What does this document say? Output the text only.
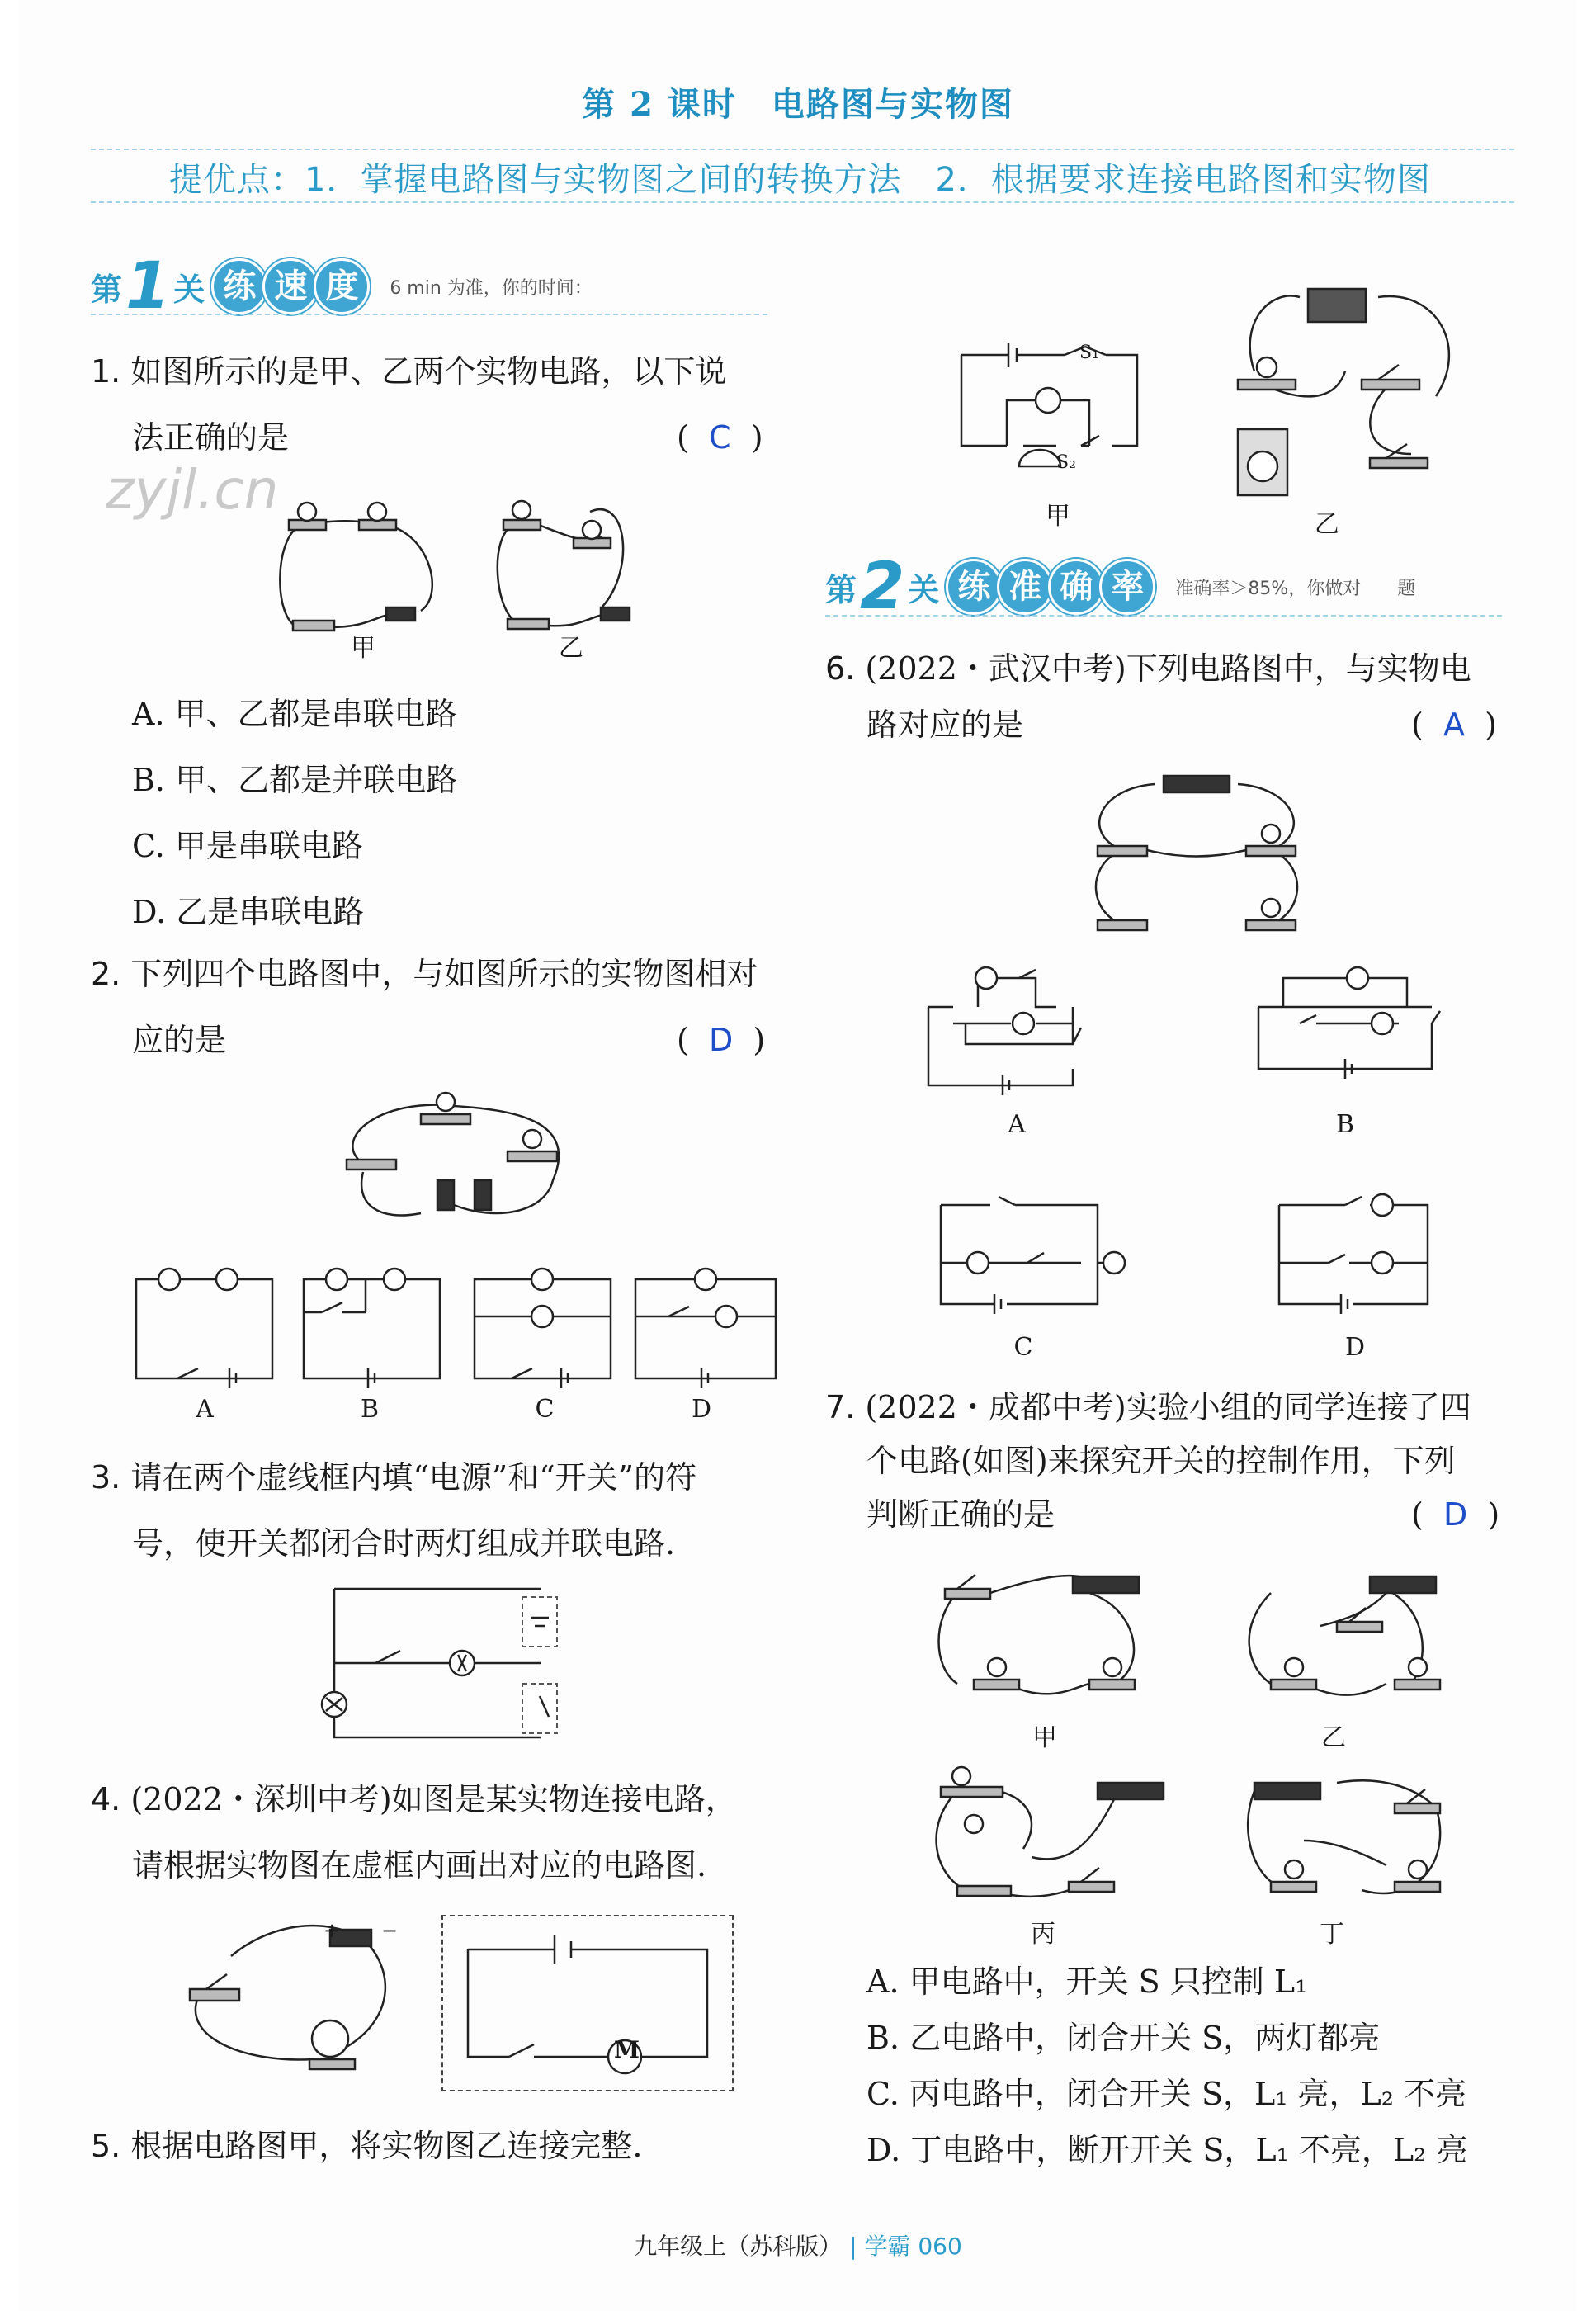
第 2 课时　电路图与实物图
提优点：1．掌握电路图与实物图之间的转换方法　2．根据要求连接电路图和实物图
第 1 关 练 速 度	6 min 为准，你的时间：
第 2 关 练 准 确 率	准确率＞85%，你做对　　题
1. 如图所示的是甲、乙两个实物电路，以下说
法正确的是	(  C  )
zyjl.cn
甲	乙
A. 甲、乙都是串联电路
B. 甲、乙都是并联电路
C. 甲是串联电路
D. 乙是串联电路
2. 下列四个电路图中，与如图所示的实物图相对
应的是	(  D  )
A	B	C	D
3. 请在两个虚线框内填“电源”和“开关”的符
号，使开关都闭合时两灯组成并联电路.
4. (2022・深圳中考)如图是某实物连接电路，
请根据实物图在虚框内画出对应的电路图.
+ −
M
5. 根据电路图甲，将实物图乙连接完整.
S₁
S₂
甲	乙
6. (2022・武汉中考)下列电路图中，与实物电
路对应的是	(  A  )
A	B
C	D
7. (2022・成都中考)实验小组的同学连接了四
个电路(如图)来探究开关的控制作用，下列
判断正确的是	(  D  )
甲	乙
丙	丁
A. 甲电路中，开关 S 只控制 L₁
B. 乙电路中，闭合开关 S，两灯都亮
C. 丙电路中，闭合开关 S，L₁ 亮，L₂ 不亮
D. 丁电路中，断开开关 S，L₁ 不亮，L₂ 亮
九年级上（苏科版） | 学霸 060
